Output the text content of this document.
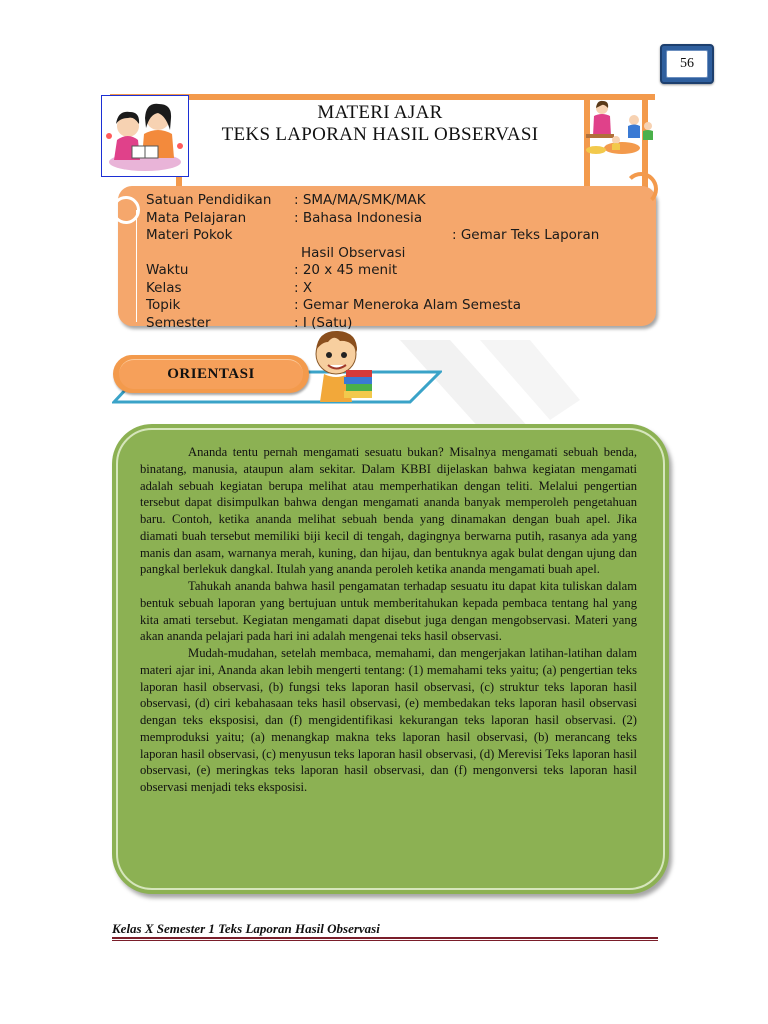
56
MATERI AJAR
TEKS LAPORAN HASIL OBSERVASI
Satuan Pendidikan : SMA/MA/SMK/MAK
Mata Pelajaran	: Bahasa Indonesia
Materi Pokok	: Gemar Teks Laporan
Hasil Observasi
Waktu	: 20 x 45 menit
Kelas	: X
Topik	: Gemar Meneroka Alam Semesta
Semester	: I (Satu)
ORIENTASI

Ananda tentu pernah mengamati sesuatu bukan? Misalnya mengamati sebuah benda, binatang, manusia, ataupun alam sekitar. Dalam KBBI dijelaskan bahwa kegiatan mengamati adalah sebuah kegiatan berupa melihat atau memperhatikan dengan teliti. Melalui pengertian tersebut dapat disimpulkan bahwa dengan mengamati ananda banyak memperoleh pengetahuan baru. Contoh, ketika ananda melihat sebuah benda yang dinamakan dengan buah apel. Jika diamati buah tersebut memiliki biji kecil di tengah, dagingnya berwarna putih, rasanya ada yang manis dan asam, warnanya merah, kuning, dan hijau, dan bentuknya agak bulat dengan ujung dan pangkal berlekuk dangkal. Itulah yang ananda peroleh ketika ananda mengamati buah apel.

Tahukah ananda bahwa hasil pengamatan terhadap sesuatu itu dapat kita tuliskan dalam bentuk sebuah laporan yang bertujuan untuk memberitahukan kepada pembaca tentang hal yang kita amati tersebut. Kegiatan mengamati dapat disebut juga dengan mengobservasi. Materi yang akan ananda pelajari pada hari ini adalah mengenai teks hasil observasi.

Mudah-mudahan, setelah membaca, memahami, dan mengerjakan latihan-latihan dalam materi ajar ini, Ananda akan lebih mengerti tentang: (1) memahami teks yaitu; (a) pengertian teks laporan hasil observasi, (b) fungsi teks laporan hasil observasi, (c) struktur teks laporan hasil observasi, (d) ciri kebahasaan teks hasil observasi, (e) membedakan teks laporan hasil observasi dengan teks eksposisi, dan (f) mengidentifikasi kekurangan teks laporan hasil observasi. (2) memproduksi yaitu; (a) menangkap makna teks laporan hasil observasi, (b) merancang teks laporan hasil observasi, (c) menyusun teks laporan hasil observasi, (d) Merevisi Teks laporan hasil observasi, (e) meringkas teks laporan hasil observasi, dan (f) mengonversi teks laporan hasil observasi menjadi teks eksposisi.

Kelas X Semester 1 Teks Laporan Hasil Observasi
